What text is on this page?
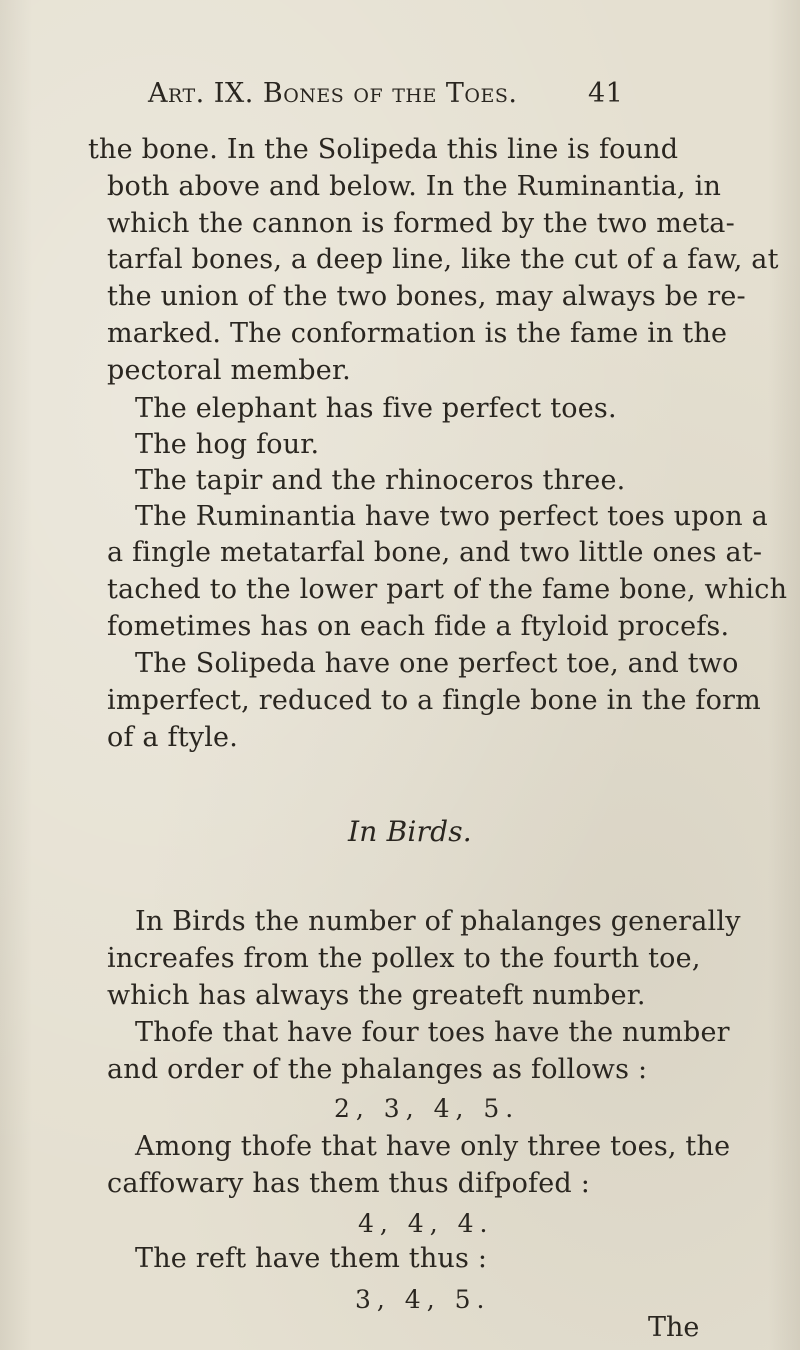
Art. IX. Bones of the Toes.	41
the bone. In the Solipeda this line is found
both above and below. In the Ruminantia, in
which the cannon is formed by the two meta-
tarfal bones, a deep line, like the cut of a faw, at
the union of the two bones, may always be re-
marked. The conformation is the fame in the
pectoral member.
The elephant has five perfect toes.
The hog four.
The tapir and the rhinoceros three.
The Ruminantia have two perfect toes upon a
a fingle metatarfal bone, and two little ones at-
tached to the lower part of the fame bone, which
fometimes has on each fide a ftyloid procefs.
The Solipeda have one perfect toe, and two
imperfect, reduced to a fingle bone in the form
of a ftyle.
In Birds.
In Birds the number of phalanges generally
increafes from the pollex to the fourth toe,
which has always the greateft number.
Thofe that have four toes have the number
and order of the phalanges as follows :
2, 3, 4, 5.
Among thofe that have only three toes, the
caffowary has them thus difpofed :
4, 4, 4.
The reft have them thus :
3, 4, 5.
The
